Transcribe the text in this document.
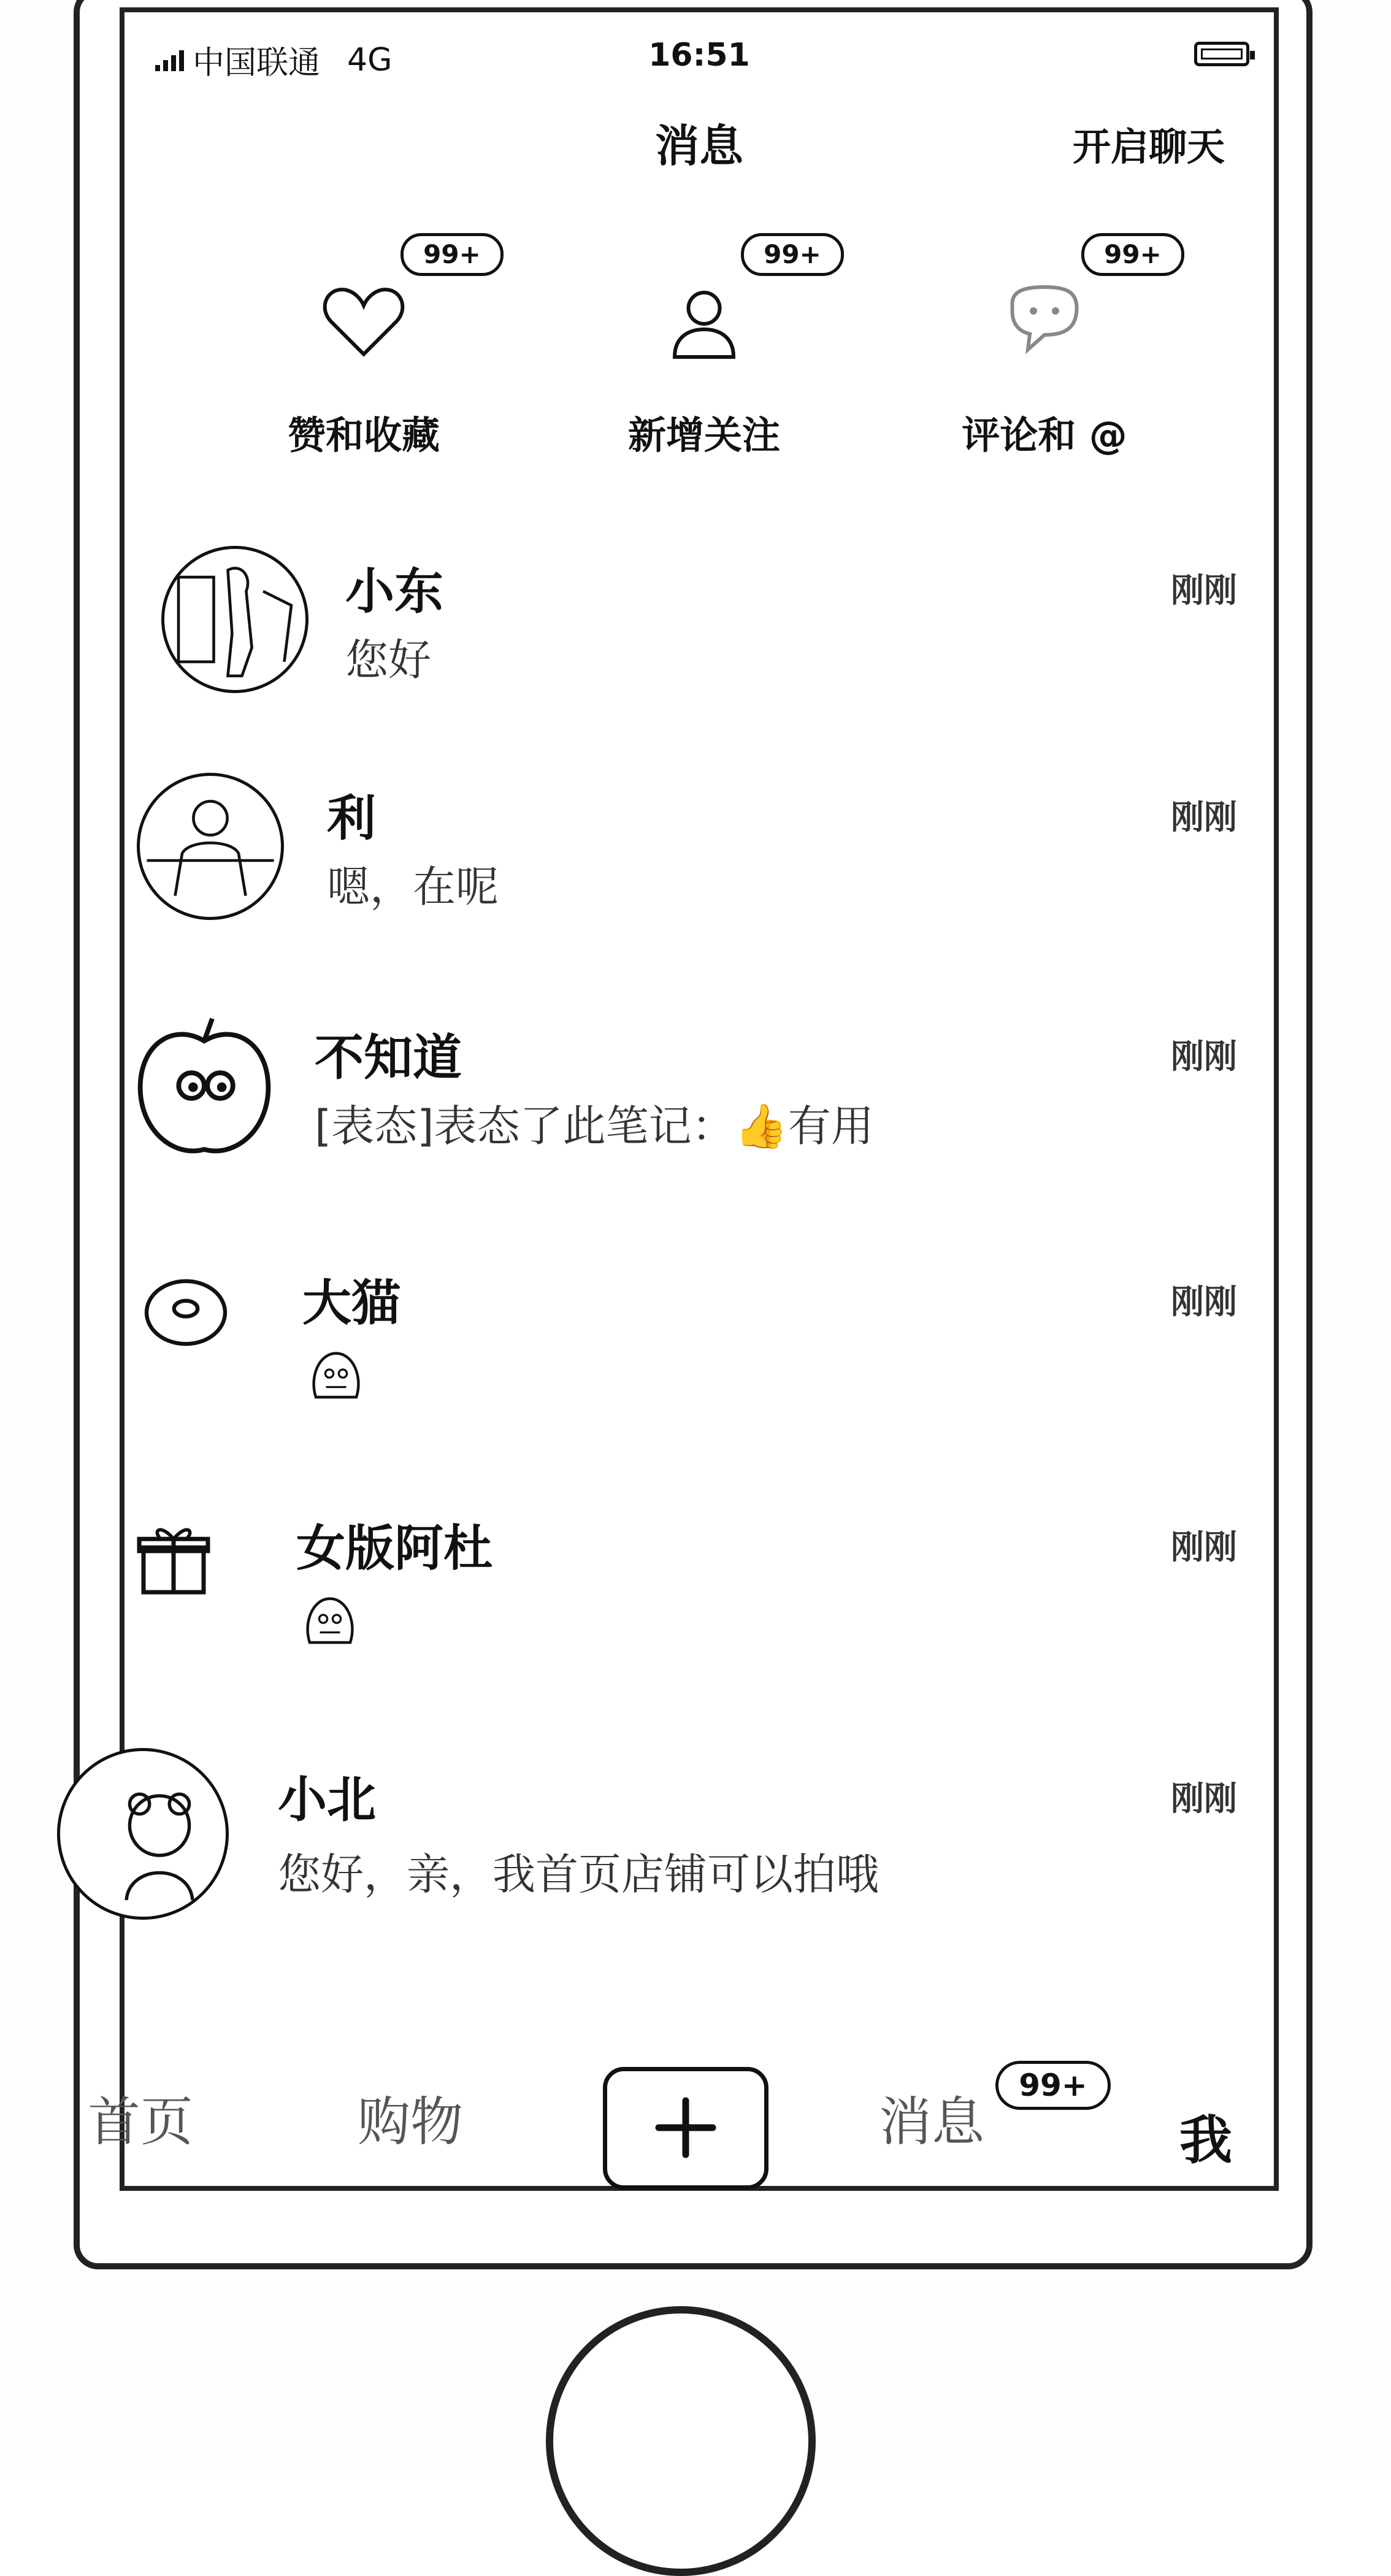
中国联通 4G	16:51
消息	开启聊天
99+
赞和收藏
99+
新增关注
99+
评论和 @
小东
您好
刚刚
利
嗯，在呢
刚刚
不知道
[表态]表态了此笔记：👍有用
刚刚
大猫	刚刚
女版阿杜	刚刚
小北
您好，亲，我首页店铺可以拍哦
刚刚
首页	购物	消息
99+
我
